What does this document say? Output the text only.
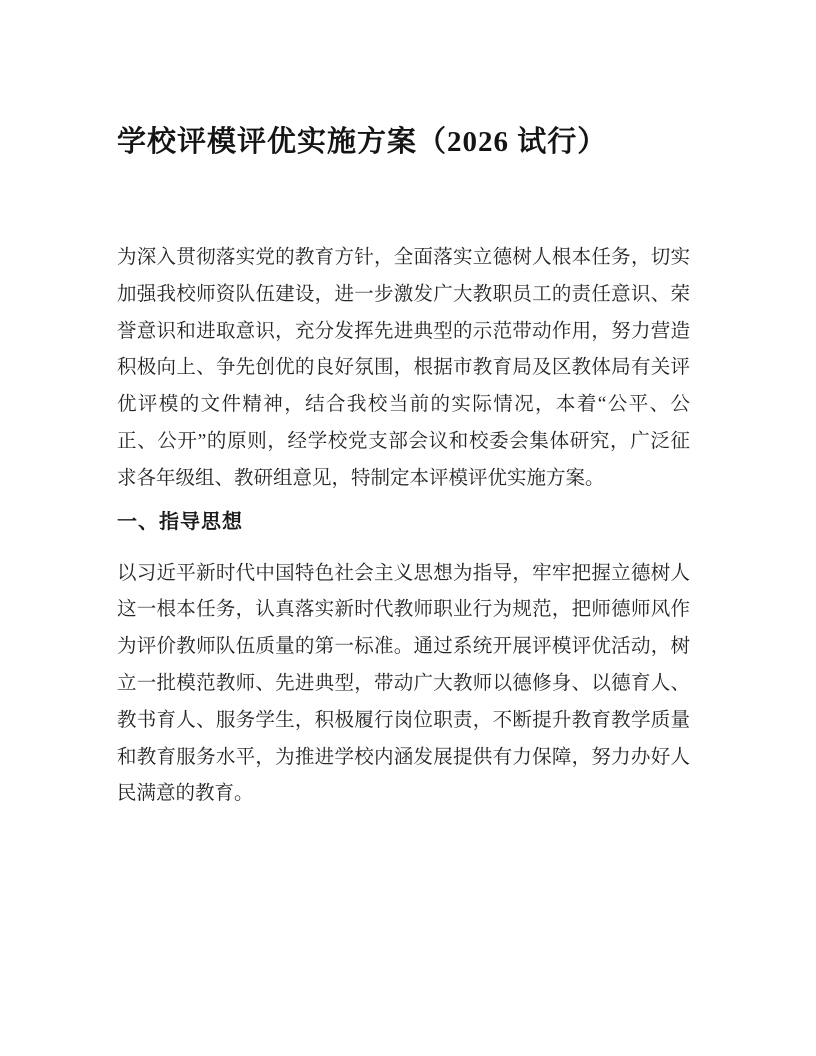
学校评模评优实施方案（2026 试行）

为深入贯彻落实党的教育方针，全面落实立德树人根本任务，切实加强我校师资队伍建设，进一步激发广大教职员工的责任意识、荣誉意识和进取意识，充分发挥先进典型的示范带动作用，努力营造积极向上、争先创优的良好氛围，根据市教育局及区教体局有关评优评模的文件精神，结合我校当前的实际情况，本着“公平、公正、公开”的原则，经学校党支部会议和校委会集体研究，广泛征求各年级组、教研组意见，特制定本评模评优实施方案。

一、指导思想

以习近平新时代中国特色社会主义思想为指导，牢牢把握立德树人这一根本任务，认真落实新时代教师职业行为规范，把师德师风作为评价教师队伍质量的第一标准。通过系统开展评模评优活动，树立一批模范教师、先进典型，带动广大教师以德修身、以德育人、教书育人、服务学生，积极履行岗位职责，不断提升教育教学质量和教育服务水平，为推进学校内涵发展提供有力保障，努力办好人民满意的教育。
